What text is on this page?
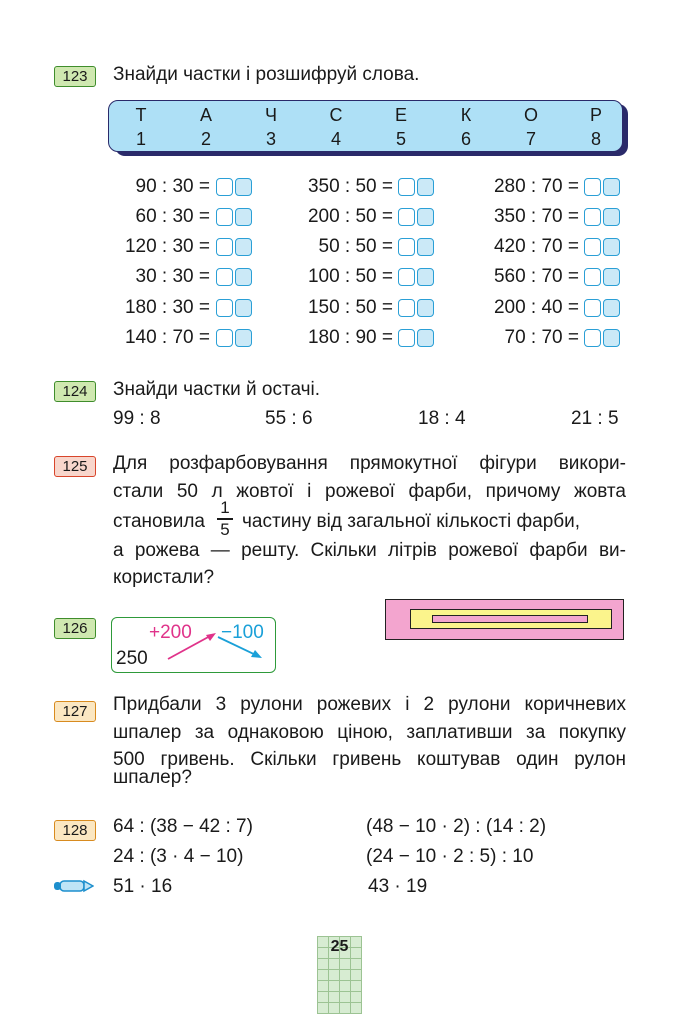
123	Знайди частки і розшифруй слова.
Т	А	Ч	С	Е	К	О	Р
1	2	3	4	5	6	7	8
90 : 30 =	350 : 50 =	280 : 70 =
60 : 30 =	200 : 50 =	350 : 70 =
120 : 30 =	50 : 50 =	420 : 70 =
30 : 30 =	100 : 50 =	560 : 70 =
180 : 30 =	150 : 50 =	200 : 40 =
140 : 70 =	180 : 90 =	70 : 70 =
124	Знайди частки й остачі.
99 : 8	55 : 6	18 : 4	21 : 5
125	Для розфарбовування прямокутної фігури викори-
стали 50 л жовтої і рожевої фарби, причому жовта
становила
1
5 частину від загальної кількості фарби,
а рожева — решту. Скільки літрів рожевої фарби ви-
користали?
126
250
+200 −100
127	Придбали 3 рулони рожевих і 2 рулони коричневих
шпалер за однаковою ціною, заплативши за покупку
500 гривень. Скільки гривень коштував один рулон
шпалер?
128	64 : (38 − 42 : 7)	(48 − 10 · 2) : (14 : 2)
24 : (3 · 4 − 10)	(24 − 10 · 2 : 5) : 10
51 · 16	43 · 19
25
